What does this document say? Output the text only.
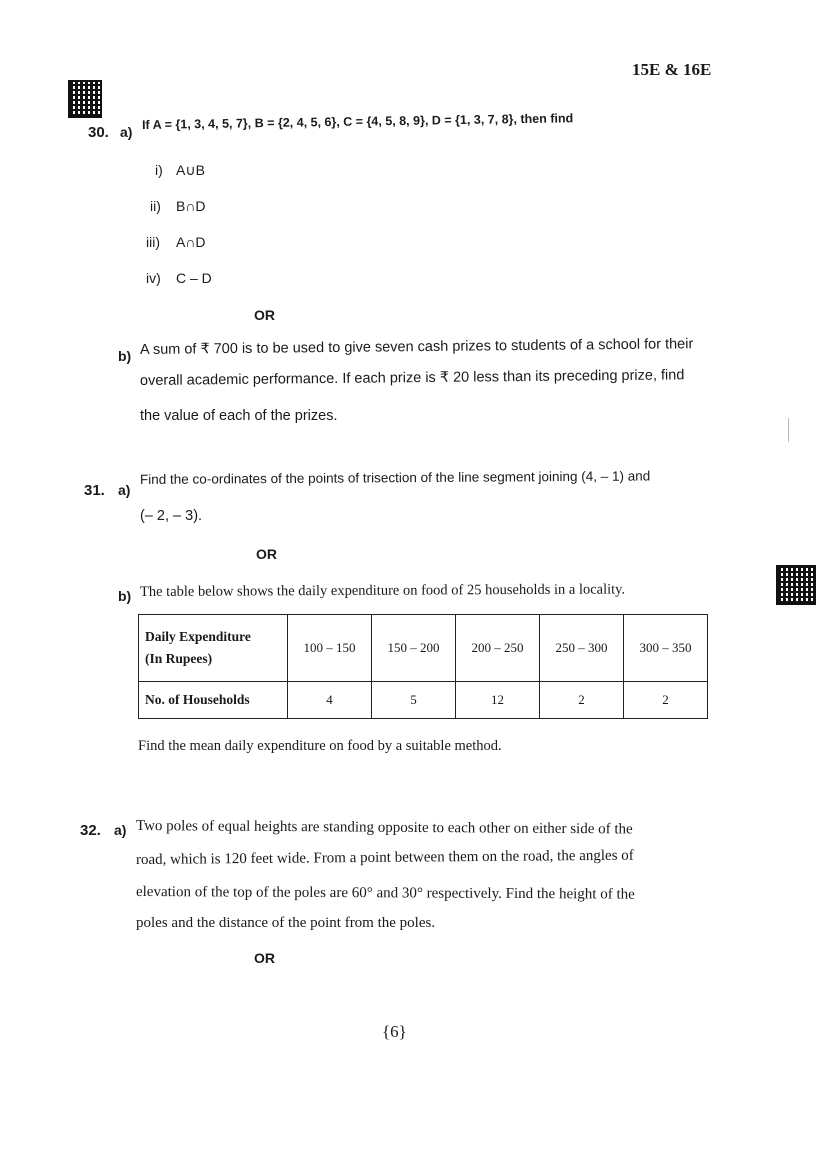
15E & 16E
30. a)
If A = {1, 3, 4, 5, 7}, B = {2, 4, 5, 6}, C = {4, 5, 8, 9}, D = {1, 3, 7, 8}, then find
i) A∪B
ii) B∩D
iii) A∩D
iv) C – D
OR
b) A sum of ₹ 700 is to be used to give seven cash prizes to students of a school for their
overall academic performance. If each prize is ₹ 20 less than its preceding prize, find
the value of each of the prizes.
31. a)
Find the co-ordinates of the points of trisection of the line segment joining (4, – 1) and
(– 2, – 3).
OR
b) The table below shows the daily expenditure on food of 25 households in a locality.
Daily Expenditure
(In Rupees)	100 – 150	150 – 200	200 – 250	250 – 300	300 – 350
No. of Households	4	5	12	2	2
Find the mean daily expenditure on food by a suitable method.
32. a) Two poles of equal heights are standing opposite to each other on either side of the
road, which is 120 feet wide. From a point between them on the road, the angles of
elevation of the top of the poles are 60° and 30° respectively. Find the height of the
poles and the distance of the point from the poles.
OR
{6}
